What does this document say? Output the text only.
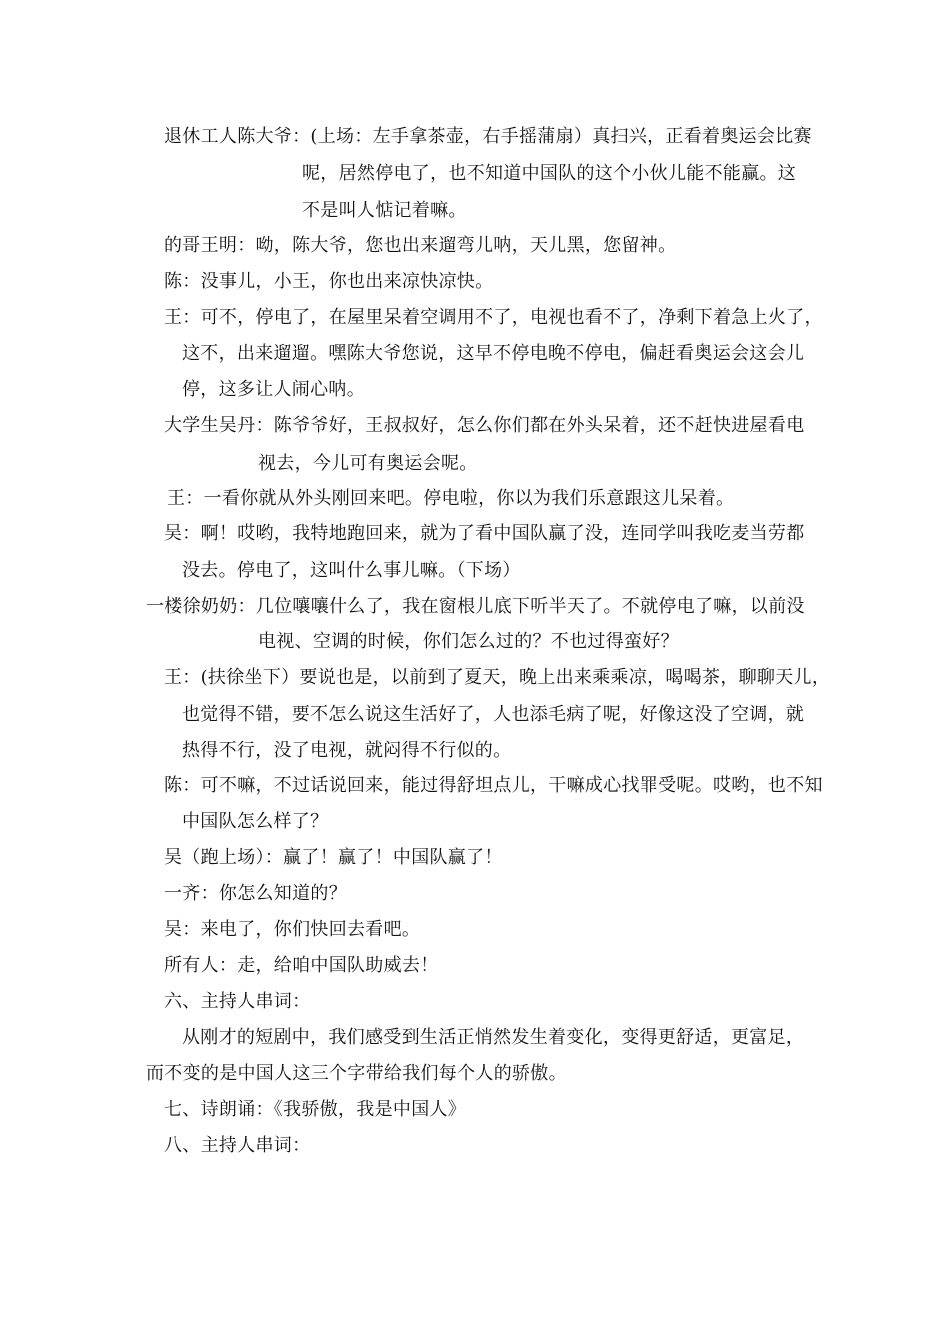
退休工人陈大爷：(上场：左手拿茶壶，右手摇蒲扇）真扫兴，正看着奥运会比赛
呢，居然停电了，也不知道中国队的这个小伙儿能不能赢。这
不是叫人惦记着嘛。
的哥王明：呦，陈大爷，您也出来遛弯儿呐，天儿黑，您留神。
陈：没事儿，小王，你也出来凉快凉快。
王：可不，停电了，在屋里呆着空调用不了，电视也看不了，净剩下着急上火了，
这不，出来遛遛。嘿陈大爷您说，这早不停电晚不停电，偏赶看奥运会这会儿
停，这多让人闹心呐。
大学生吴丹：陈爷爷好，王叔叔好，怎么你们都在外头呆着，还不赶快进屋看电
视去，今儿可有奥运会呢。
王：一看你就从外头刚回来吧。停电啦，你以为我们乐意跟这儿呆着。
吴：啊！哎哟，我特地跑回来，就为了看中国队赢了没，连同学叫我吃麦当劳都
没去。停电了，这叫什么事儿嘛。（下场）
一楼徐奶奶：几位嚷嚷什么了，我在窗根儿底下听半天了。不就停电了嘛，以前没
电视、空调的时候，你们怎么过的？不也过得蛮好？
王：(扶徐坐下）要说也是，以前到了夏天，晚上出来乘乘凉，喝喝茶，聊聊天儿，
也觉得不错，要不怎么说这生活好了，人也添毛病了呢，好像这没了空调，就
热得不行，没了电视，就闷得不行似的。
陈：可不嘛，不过话说回来，能过得舒坦点儿，干嘛成心找罪受呢。哎哟，也不知
中国队怎么样了？
吴（跑上场）：赢了！赢了！中国队赢了！
一齐：你怎么知道的？
吴：来电了，你们快回去看吧。
所有人：走，给咱中国队助威去！
六、主持人串词：
从刚才的短剧中，我们感受到生活正悄然发生着变化，变得更舒适，更富足，
而不变的是中国人这三个字带给我们每个人的骄傲。
七、诗朗诵：《我骄傲，我是中国人》
八、主持人串词：
